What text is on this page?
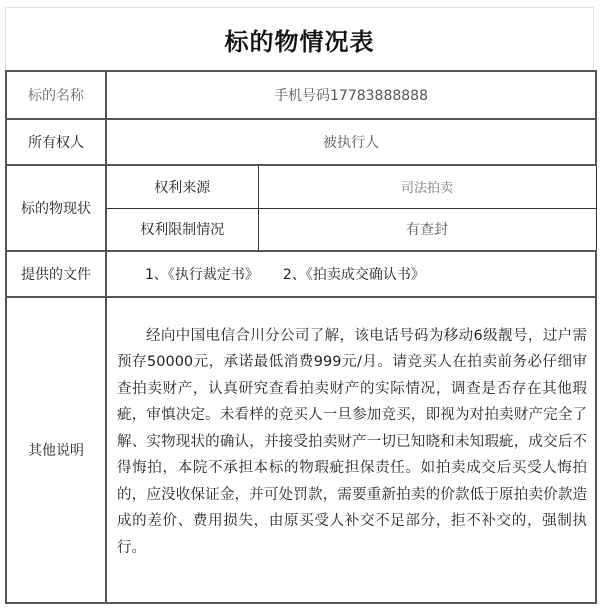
标的物情况表
标的名称	手机号码17783888888	
所有权人	被执行人	
标的物现状	权利来源	司法拍卖
	权利限制情况	有查封
提供的文件	1、《执行裁定书》 2、《拍卖成交确认书》	
其他说明	经向中国电信合川分公司了解，该电话号码为移动6级靓号，过户需预存50000元，承诺最低消费999元/月。请竞买人在拍卖前务必仔细审查拍卖财产，认真研究查看拍卖财产的实际情况，调查是否存在其他瑕疵，审慎决定。未看样的竞买人一旦参加竞买，即视为对拍卖财产完全了解、实物现状的确认，并接受拍卖财产一切已知晓和未知瑕疵，成交后不得悔拍，本院不承担本标的物瑕疵担保责任。如拍卖成交后买受人悔拍的，应没收保证金，并可处罚款，需要重新拍卖的价款低于原拍卖价款造成的差价、费用损失，由原买受人补交不足部分，拒不补交的，强制执行。	
